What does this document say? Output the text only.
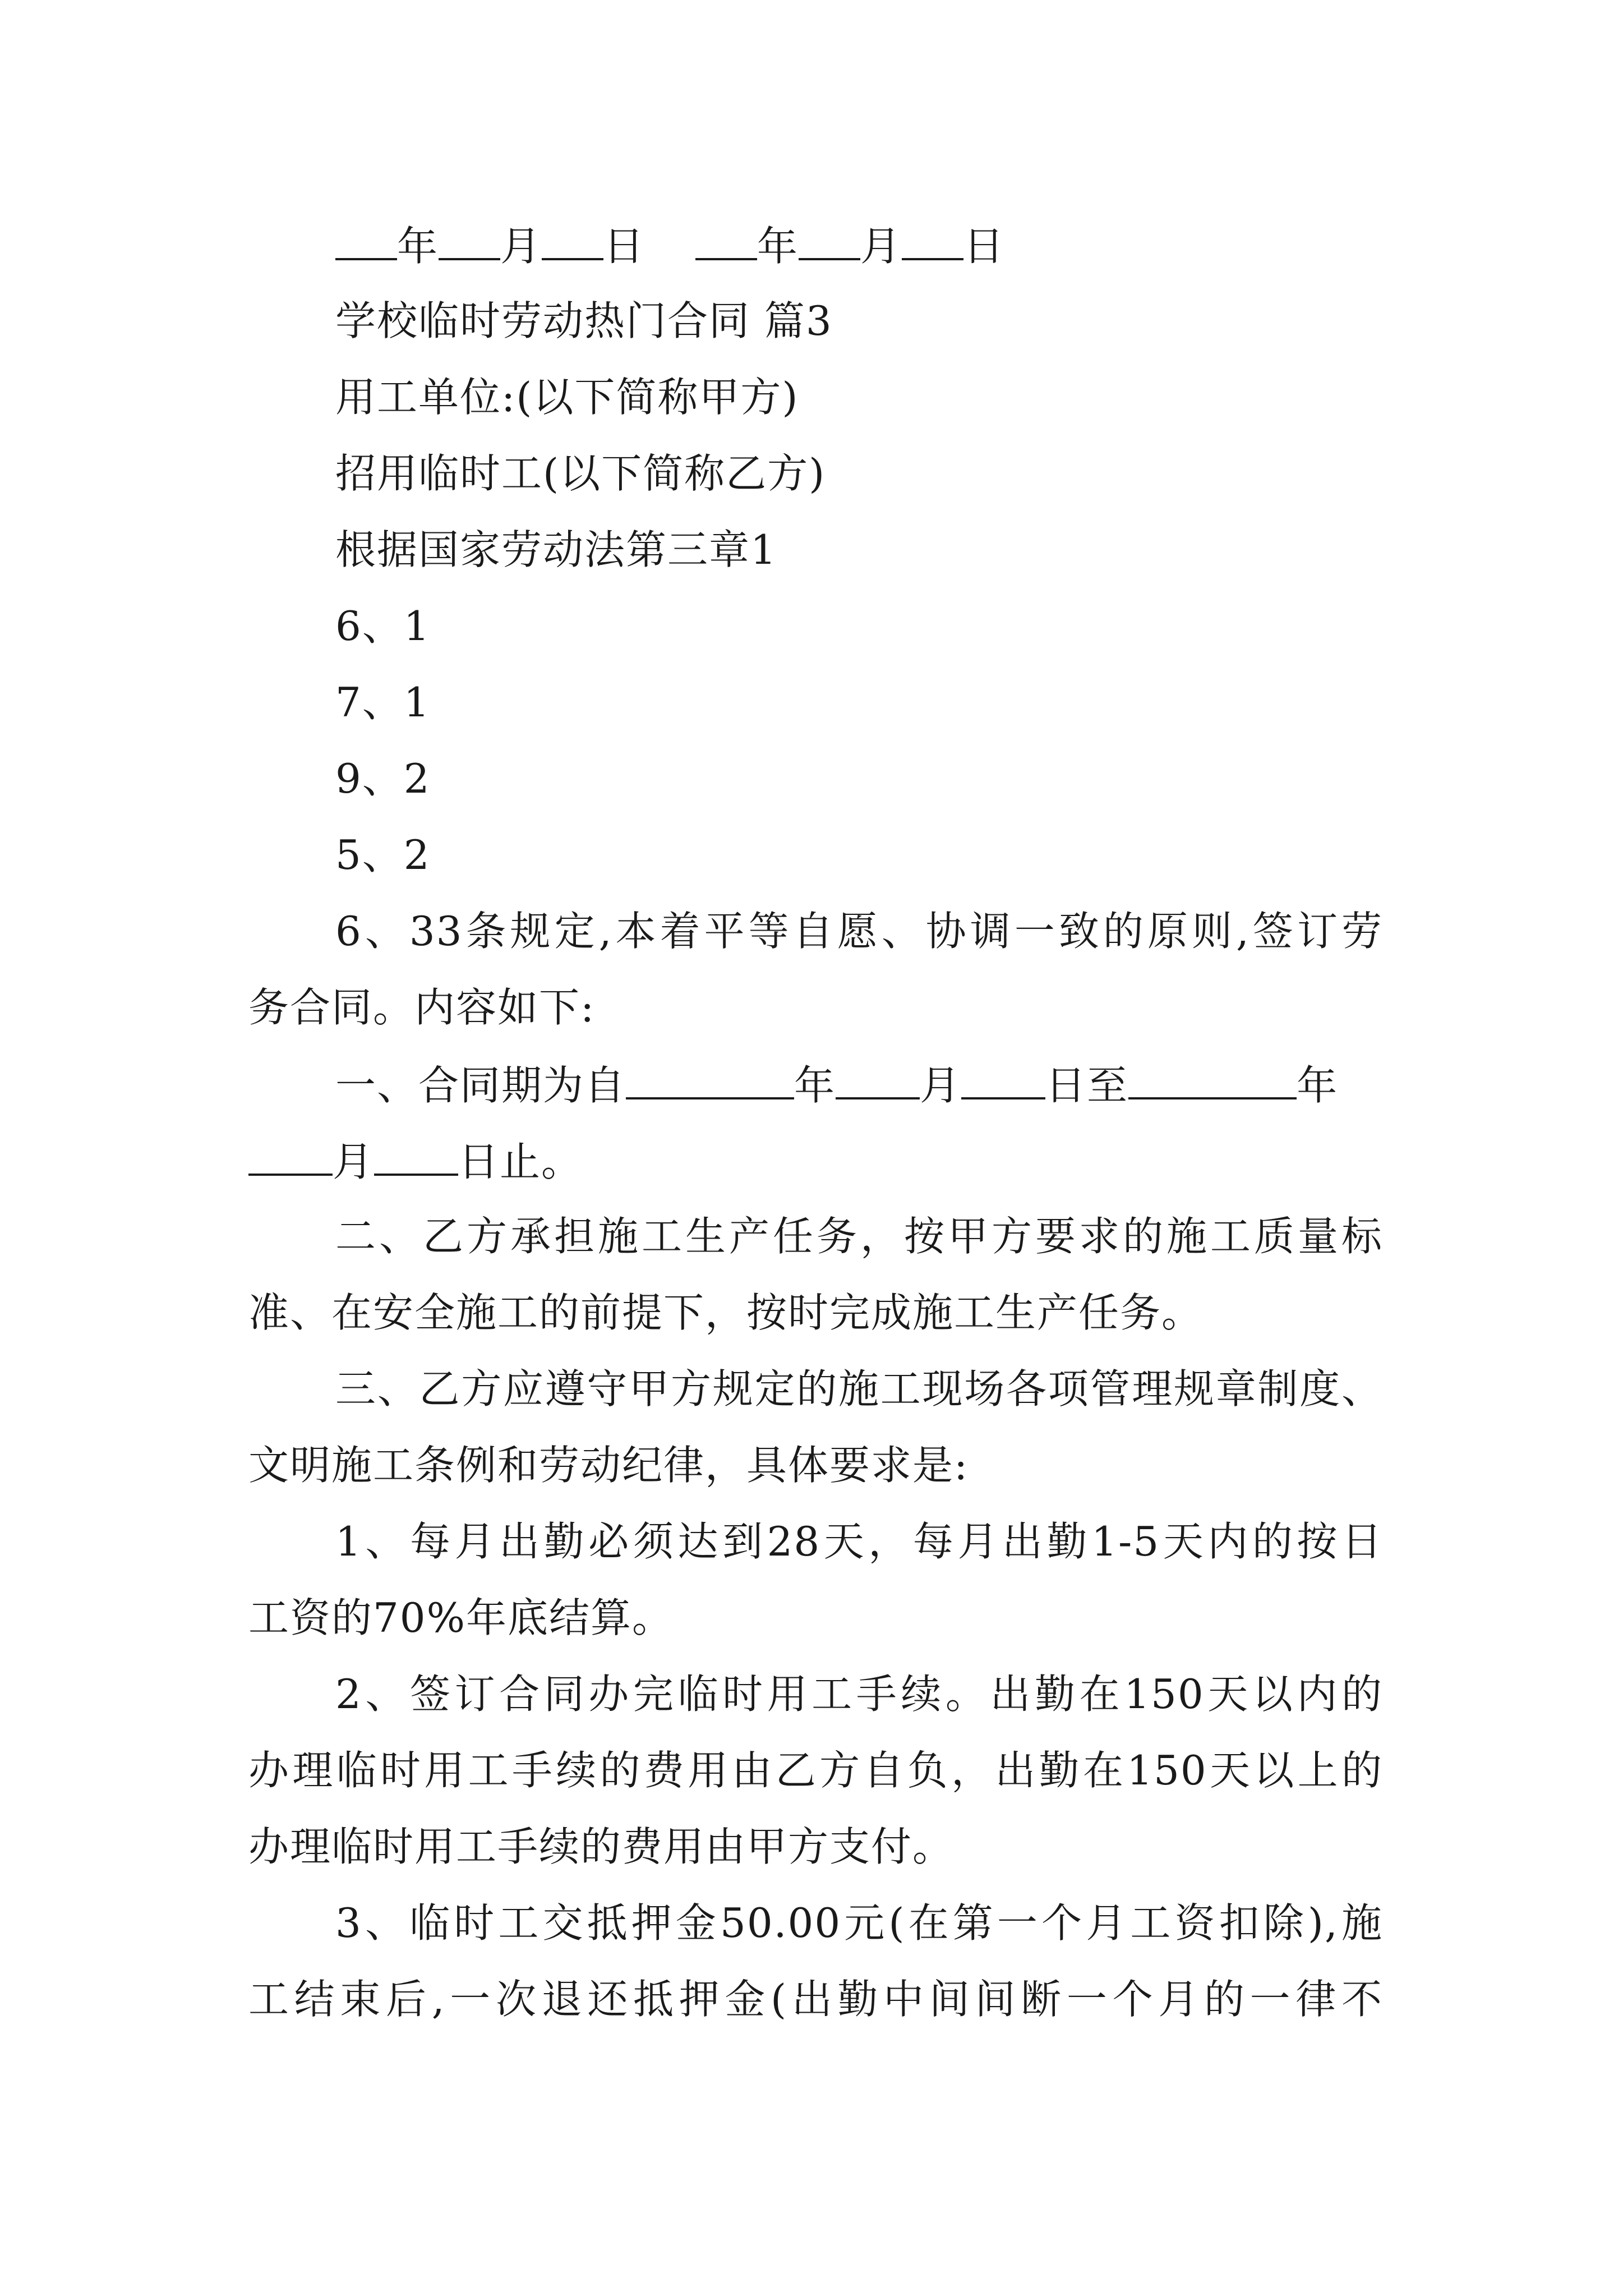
年 月 日	年 月 日
学校临时劳动热门合同 篇3
用工单位:(以下简称甲方)
招用临时工(以下简称乙方)
根据国家劳动法第三章1
6、1
7、1
9、2
5、2
6、33条规定,本着平等自愿、协调一致的原则,签订劳
务合同。内容如下:
一、合同期为自	年 月 日至	年
月 日止。
二、乙方承担施工生产任务，按甲方要求的施工质量标
准、在安全施工的前提下，按时完成施工生产任务。
三、乙方应遵守甲方规定的施工现场各项管理规章制度、
文明施工条例和劳动纪律，具体要求是:
1、每月出勤必须达到28天，每月出勤1-5天内的按日
工资的70%年底结算。
2、签订合同办完临时用工手续。出勤在150天以内的
办理临时用工手续的费用由乙方自负，出勤在150天以上的
办理临时用工手续的费用由甲方支付。
3、临时工交抵押金50.00元(在第一个月工资扣除),施
工结束后,一次退还抵押金(出勤中间间断一个月的一律不
